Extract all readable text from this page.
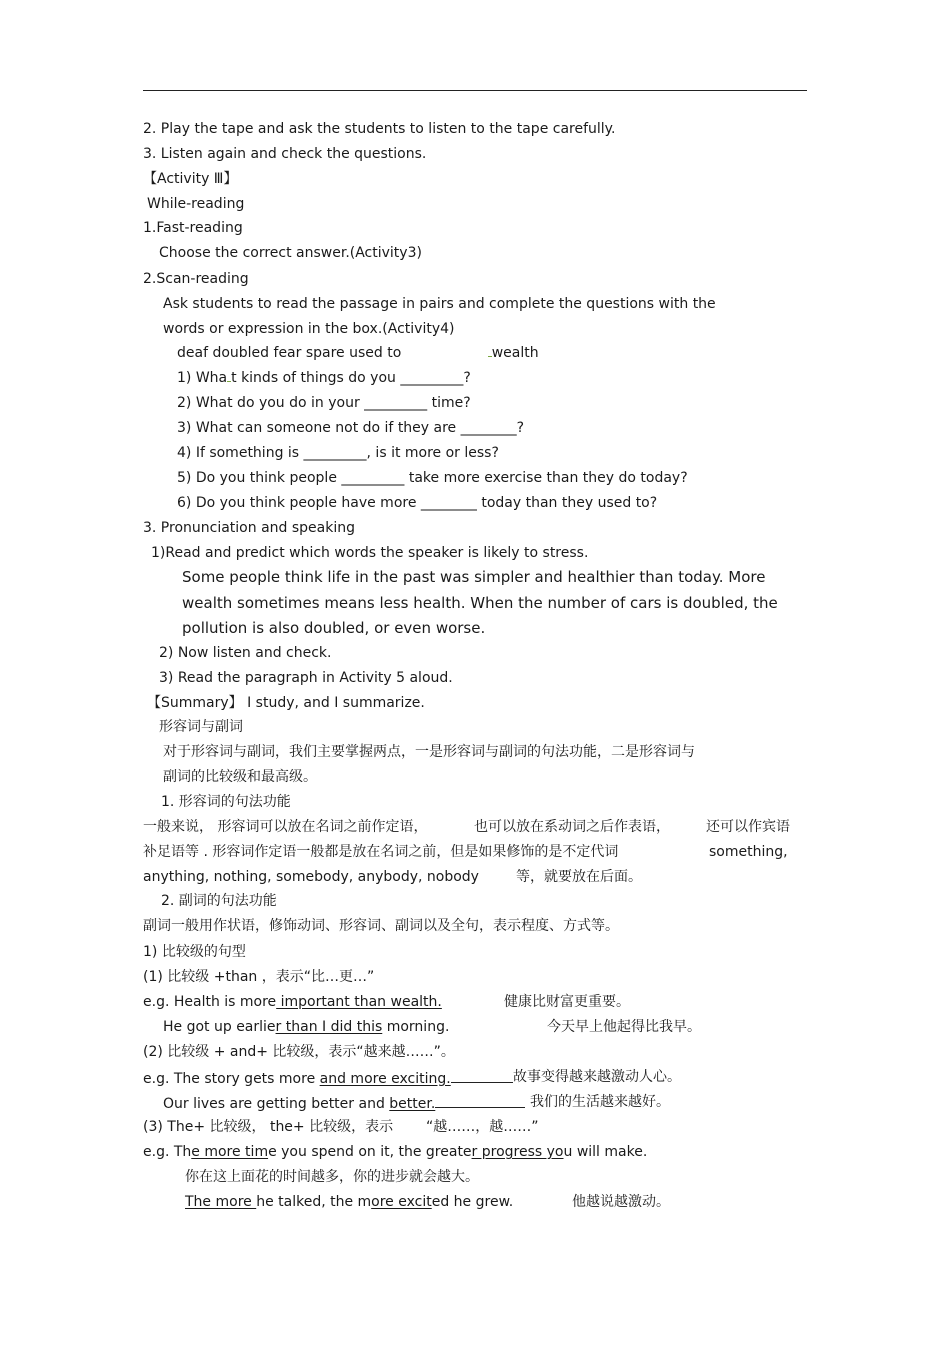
2. Play the tape and ask the students to listen to the tape carefully.
3. Listen again and check the questions.
【Activity Ⅲ】
While-reading
1.Fast-reading
Choose the correct answer.(Activity3)
2.Scan-reading
Ask students to read the passage in pairs and complete the questions with the
words or expression in the box.(Activity4)
deaf doubled fear spare used to	wealth
1) Wha t kinds of things do you _________?
2) What do you do in your _________ time?
3) What can someone not do if they are ________?
4) If something is _________, is it more or less?
5) Do you think people _________ take more exercise than they do today?
6) Do you think people have more ________ today than they used to?
3. Pronunciation and speaking
1)Read and predict which words the speaker is likely to stress.
Some people think life in the past was simpler and healthier than today. More
wealth sometimes means less health. When the number of cars is doubled, the
pollution is also doubled, or even worse.
2) Now listen and check.
3) Read the paragraph in Activity 5 aloud.
【Summary】 I study, and I summarize.
形容词与副词
对于形容词与副词，我们主要掌握两点，一是形容词与副词的句法功能，二是形容词与
副词的比较级和最高级。
1. 形容词的句法功能
一般来说， 形容词可以放在名词之前作定语，	也可以放在系动词之后作表语，	还可以作宾语
补足语等 . 形容词作定语一般都是放在名词之前，但是如果修饰的是不定代词	something,
anything, nothing, somebody, anybody, nobody	等，就要放在后面。
2. 副词的句法功能
副词一般用作状语，修饰动词、形容词、副词以及全句，表示程度、方式等。
1) 比较级的句型
(1) 比较级 +than ，表示“比…更…”
e.g. Health is more important than wealth.	健康比财富更重要。
He got up earlier than I did this morning.	今天早上他起得比我早。
(2) 比较级 + and+ 比较级，表示“越来越……”。
e.g. The story gets more and more exciting.	故事变得越来越激动人心。
Our lives are getting better and better.	我们的生活越来越好。
(3) The+ 比较级， the+ 比较级，表示 “越……，越……”
e.g. The more time you spend on it, the greater progress you will make.
你在这上面花的时间越多，你的进步就会越大。
The more he talked, the more excited he grew.	他越说越激动。
